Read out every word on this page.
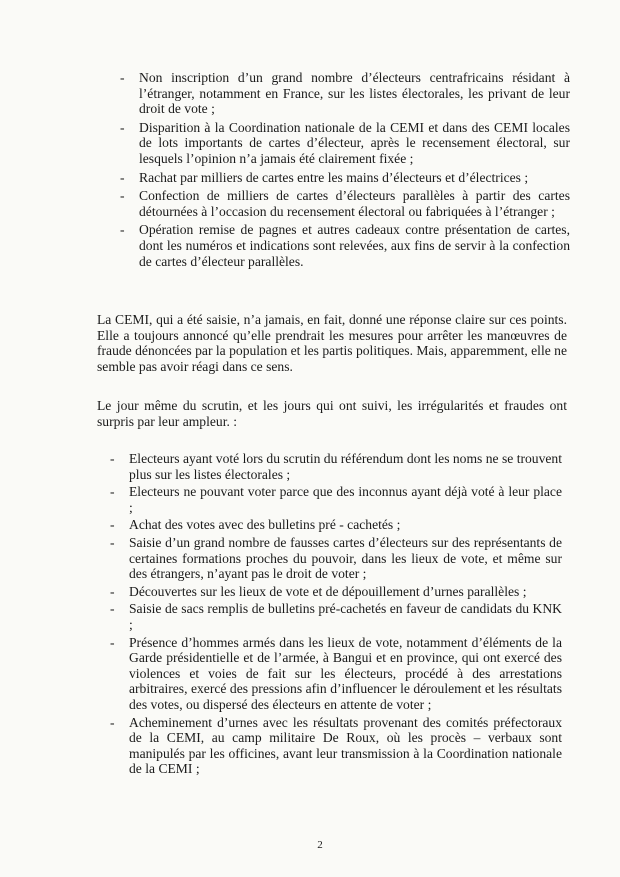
- Non inscription d’un grand nombre d’électeurs centrafricains résidant à l’étranger, notamment en France, sur les listes électorales, les privant de leur droit de vote ;
- Disparition à la Coordination nationale de la CEMI et dans des CEMI locales de lots importants de cartes d’électeur, après le recensement électoral, sur lesquels l’opinion n’a jamais été clairement fixée ;
- Rachat par milliers de cartes entre les mains d’électeurs et d’électrices ;
- Confection de milliers de cartes d’électeurs parallèles à partir des cartes détournées à l’occasion du recensement électoral ou fabriquées à l’étranger ;
- Opération remise de pagnes et autres cadeaux contre présentation de cartes, dont les numéros et indications sont relevées, aux fins de servir à la confection de cartes d’électeur parallèles.

La CEMI, qui a été saisie, n’a jamais, en fait, donné une réponse claire sur ces points. Elle a toujours annoncé qu’elle prendrait les mesures pour arrêter les manœuvres de fraude dénoncées par la population et les partis politiques. Mais, apparemment, elle ne semble pas avoir réagi dans ce sens.

Le jour même du scrutin, et les jours qui ont suivi, les irrégularités et fraudes ont surpris par leur ampleur. :

- Electeurs ayant voté lors du scrutin du référendum dont les noms ne se trouvent plus sur les listes électorales ;
- Electeurs ne pouvant voter parce que des inconnus ayant déjà voté à leur place ;
- Achat des votes avec des bulletins pré - cachetés ;
- Saisie d’un grand nombre de fausses cartes d’électeurs sur des représentants de certaines formations proches du pouvoir, dans les lieux de vote, et même sur des étrangers, n’ayant pas le droit de voter ;
- Découvertes sur les lieux de vote et de dépouillement d’urnes parallèles ;
- Saisie de sacs remplis de bulletins pré-cachetés en faveur de candidats du KNK ;
- Présence d’hommes armés dans les lieux de vote, notamment d’éléments de la Garde présidentielle et de l’armée, à Bangui et en province, qui ont exercé des violences et voies de fait sur les électeurs, procédé à des arrestations arbitraires, exercé des pressions afin d’influencer le déroulement et les résultats des votes, ou dispersé des électeurs en attente de voter ;
- Acheminement d’urnes avec les résultats provenant des comités préfectoraux de la CEMI, au camp militaire De Roux, où les procès – verbaux sont manipulés par les officines, avant leur transmission à la Coordination nationale de la CEMI ;
2
